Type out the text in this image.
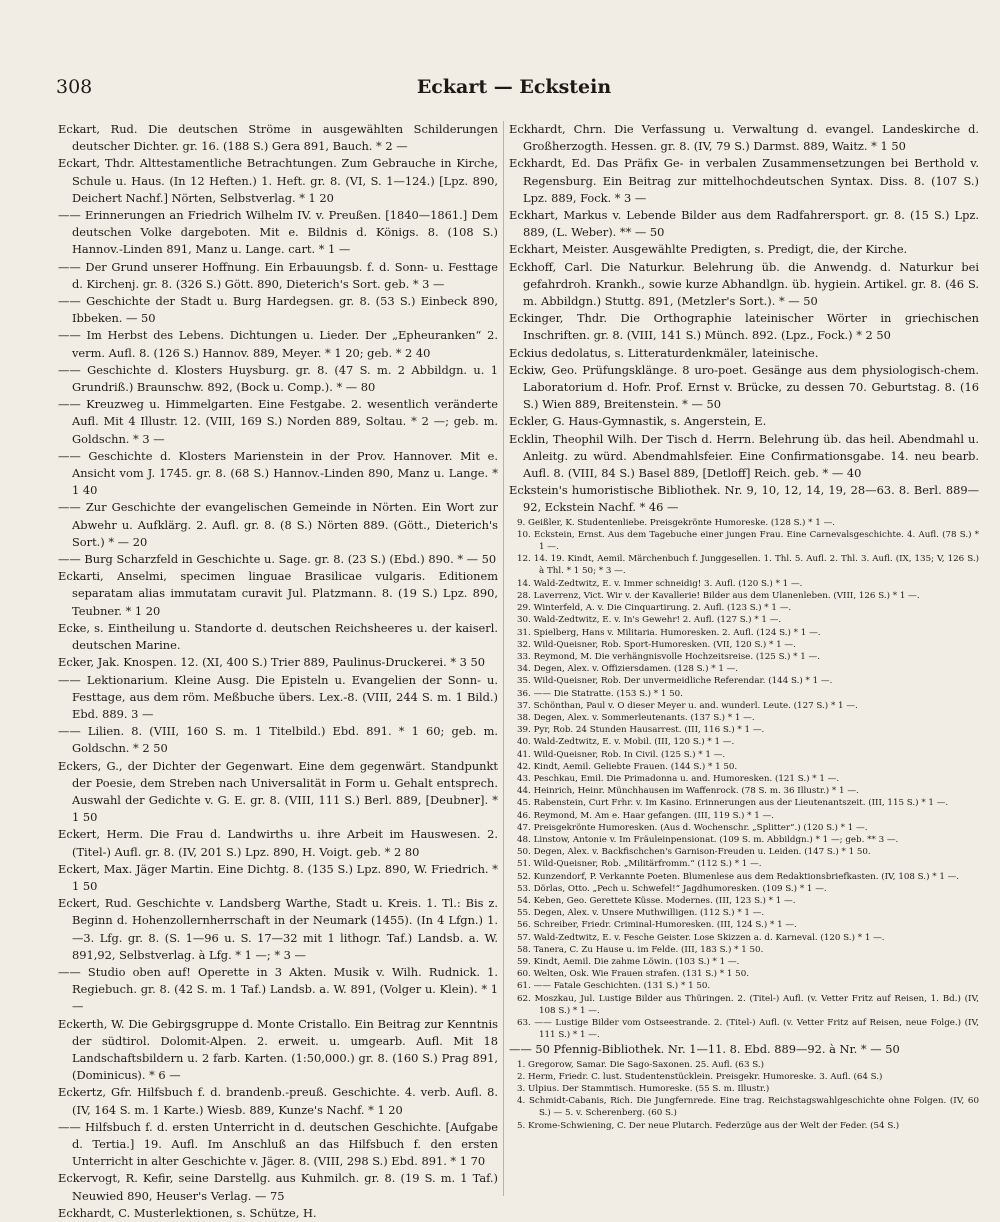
308	Eckart — Eckstein

Eckart, Rud. Die deutschen Ströme in ausgewählten Schilderungen deutscher Dichter. gr. 16. (188 S.) Gera 891, Bauch. * 2 —

Eckart, Thdr. Alttestamentliche Betrachtungen. Zum Gebrauche in Kirche, Schule u. Haus. (In 12 Heften.) 1. Heft. gr. 8. (VI, S. 1—124.) [Lpz. 890, Deichert Nachf.] Nörten, Selbstverlag. * 1 20

—— Erinnerungen an Friedrich Wilhelm IV. v. Preußen. [1840—1861.] Dem deutschen Volke dargeboten. Mit e. Bildnis d. Königs. 8. (108 S.) Hannov.-Linden 891, Manz u. Lange. cart. * 1 —

—— Der Grund unserer Hoffnung. Ein Erbauungsb. f. d. Sonn- u. Festtage d. Kirchenj. gr. 8. (326 S.) Gött. 890, Dieterich's Sort. geb. * 3 —

—— Geschichte der Stadt u. Burg Hardegsen. gr. 8. (53 S.) Einbeck 890, Ibbeken. — 50

—— Im Herbst des Lebens. Dichtungen u. Lieder. Der „Epheuranken“ 2. verm. Aufl. 8. (126 S.) Hannov. 889, Meyer. * 1 20; geb. * 2 40

—— Geschichte d. Klosters Huysburg. gr. 8. (47 S. m. 2 Abbildgn. u. 1 Grundriß.) Braunschw. 892, (Bock u. Comp.). * — 80

—— Kreuzweg u. Himmelgarten. Eine Festgabe. 2. wesentlich veränderte Aufl. Mit 4 Illustr. 12. (VIII, 169 S.) Norden 889, Soltau. * 2 —; geb. m. Goldschn. * 3 —

—— Geschichte d. Klosters Marienstein in der Prov. Hannover. Mit e. Ansicht vom J. 1745. gr. 8. (68 S.) Hannov.-Linden 890, Manz u. Lange. * 1 40

—— Zur Geschichte der evangelischen Gemeinde in Nörten. Ein Wort zur Abwehr u. Aufklärg. 2. Aufl. gr. 8. (8 S.) Nörten 889. (Gött., Dieterich's Sort.) * — 20

—— Burg Scharzfeld in Geschichte u. Sage. gr. 8. (23 S.) (Ebd.) 890. * — 50

Eckarti, Anselmi, specimen linguae Brasilicae vulgaris. Editionem separatam alias immutatam curavit Jul. Platzmann. 8. (19 S.) Lpz. 890, Teubner. * 1 20

Ecke, s. Eintheilung u. Standorte d. deutschen Reichsheeres u. der kaiserl. deutschen Marine.

Ecker, Jak. Knospen. 12. (XI, 400 S.) Trier 889, Paulinus-Druckerei. * 3 50

—— Lektionarium. Kleine Ausg. Die Episteln u. Evangelien der Sonn- u. Festtage, aus dem röm. Meßbuche übers. Lex.-8. (VIII, 244 S. m. 1 Bild.) Ebd. 889. 3 —

—— Lilien. 8. (VIII, 160 S. m. 1 Titelbild.) Ebd. 891. * 1 60; geb. m. Goldschn. * 2 50

Eckers, G., der Dichter der Gegenwart. Eine dem gegenwärt. Standpunkt der Poesie, dem Streben nach Universalität in Form u. Gehalt entsprech. Auswahl der Gedichte v. G. E. gr. 8. (VIII, 111 S.) Berl. 889, [Deubner]. * 1 50

Eckert, Herm. Die Frau d. Landwirths u. ihre Arbeit im Hauswesen. 2. (Titel-) Aufl. gr. 8. (IV, 201 S.) Lpz. 890, H. Voigt. geb. * 2 80

Eckert, Max. Jäger Martin. Eine Dichtg. 8. (135 S.) Lpz. 890, W. Friedrich. * 1 50

Eckert, Rud. Geschichte v. Landsberg Warthe, Stadt u. Kreis. 1. Tl.: Bis z. Beginn d. Hohenzollernherrschaft in der Neumark (1455). (In 4 Lfgn.) 1.—3. Lfg. gr. 8. (S. 1—96 u. S. 17—32 mit 1 lithogr. Taf.) Landsb. a. W. 891,92, Selbstverlag. à Lfg. * 1 —; * 3 —

—— Studio oben auf! Operette in 3 Akten. Musik v. Wilh. Rudnick. 1. Regiebuch. gr. 8. (42 S. m. 1 Taf.) Landsb. a. W. 891, (Volger u. Klein). * 1 —

Eckerth, W. Die Gebirgsgruppe d. Monte Cristallo. Ein Beitrag zur Kenntnis der südtirol. Dolomit-Alpen. 2. erweit. u. umgearb. Aufl. Mit 18 Landschaftsbildern u. 2 farb. Karten. (1:50,000.) gr. 8. (160 S.) Prag 891, (Dominicus). * 6 —

Eckertz, Gfr. Hilfsbuch f. d. brandenb.-preuß. Geschichte. 4. verb. Aufl. 8. (IV, 164 S. m. 1 Karte.) Wiesb. 889, Kunze's Nachf. * 1 20

—— Hilfsbuch f. d. ersten Unterricht in d. deutschen Geschichte. [Aufgabe d. Tertia.] 19. Aufl. Im Anschluß an das Hilfsbuch f. den ersten Unterricht in alter Geschichte v. Jäger. 8. (VIII, 298 S.) Ebd. 891. * 1 70

Eckervogt, R. Kefir, seine Darstellg. aus Kuhmilch. gr. 8. (19 S. m. 1 Taf.) Neuwied 890, Heuser's Verlag. — 75

Eckhardt, C. Musterlektionen, s. Schütze, H.

Eckhardt, Chrn. Die Verfassung u. Verwaltung d. evangel. Landeskirche d. Großherzogth. Hessen. gr. 8. (IV, 79 S.) Darmst. 889, Waitz. * 1 50

Eckhardt, Ed. Das Präfix Ge- in verbalen Zusammensetzungen bei Berthold v. Regensburg. Ein Beitrag zur mittelhochdeutschen Syntax. Diss. 8. (107 S.) Lpz. 889, Fock. * 3 —

Eckhart, Markus v. Lebende Bilder aus dem Radfahrersport. gr. 8. (15 S.) Lpz. 889, (L. Weber). ** — 50

Eckhart, Meister. Ausgewählte Predigten, s. Predigt, die, der Kirche.

Eckhoff, Carl. Die Naturkur. Belehrung üb. die Anwendg. d. Naturkur bei gefahrdroh. Krankh., sowie kurze Abhandlgn. üb. hygiein. Artikel. gr. 8. (46 S. m. Abbildgn.) Stuttg. 891, (Metzler's Sort.). * — 50

Eckinger, Thdr. Die Orthographie lateinischer Wörter in griechischen Inschriften. gr. 8. (VIII, 141 S.) Münch. 892. (Lpz., Fock.) * 2 50

Eckius dedolatus, s. Litteraturdenkmäler, lateinische.

Eckiw, Geo. Prüfungsklänge. 8 uro-poet. Gesänge aus dem physiologisch-chem. Laboratorium d. Hofr. Prof. Ernst v. Brücke, zu dessen 70. Geburtstag. 8. (16 S.) Wien 889, Breitenstein. * — 50

Eckler, G. Haus-Gymnastik, s. Angerstein, E.

Ecklin, Theophil Wilh. Der Tisch d. Herrn. Belehrung üb. das heil. Abendmahl u. Anleitg. zu würd. Abendmahlsfeier. Eine Confirmationsgabe. 14. neu bearb. Aufl. 8. (VIII, 84 S.) Basel 889, [Detloff] Reich. geb. * — 40

Eckstein's humoristische Bibliothek. Nr. 9, 10, 12, 14, 19, 28—63. 8. Berl. 889—92, Eckstein Nachf. * 46 —

9. Geißler, K. Studentenliebe. Preisgekrönte Humoreske. (128 S.) * 1 —.

10. Eckstein, Ernst. Aus dem Tagebuche einer jungen Frau. Eine Carnevalsgeschichte. 4. Aufl. (78 S.) * 1 —.

12. 14. 19. Kindt, Aemil. Märchenbuch f. Junggesellen. 1. Thl. 5. Aufl. 2. Thl. 3. Aufl. (IX, 135; V, 126 S.) à Thl. * 1 50; * 3 —.

14. Wald-Zedtwitz, E. v. Immer schneidig! 3. Aufl. (120 S.) * 1 —.

28. Laverrenz, Vict. Wir v. der Kavallerie! Bilder aus dem Ulanenleben. (VIII, 126 S.) * 1 —.

29. Winterfeld, A. v. Die Cinquartirung. 2. Aufl. (123 S.) * 1 —.

30. Wald-Zedtwitz, E. v. In's Gewehr! 2. Aufl. (127 S.) * 1 —.

31. Spielberg, Hans v. Militaria. Humoresken. 2. Aufl. (124 S.) * 1 —.

32. Wild-Queisner, Rob. Sport-Humoresken. (VII, 120 S.) * 1 —.

33. Reymond, M. Die verhängnisvolle Hochzeitsreise. (125 S.) * 1 —.

34. Degen, Alex. v. Offiziersdamen. (128 S.) * 1 —.

35. Wild-Queisner, Rob. Der unvermeidliche Referendar. (144 S.) * 1 —.

36. —— Die Statratte. (153 S.) * 1 50.

37. Schönthan, Paul v. O dieser Meyer u. and. wunderl. Leute. (127 S.) * 1 —.

38. Degen, Alex. v. Sommerleutenants. (137 S.) * 1 —.

39. Pyr, Rob. 24 Stunden Hausarrest. (III, 116 S.) * 1 —.

40. Wald-Zedtwitz, E. v. Mobil. (III, 120 S.) * 1 —.

41. Wild-Queisner, Rob. In Civil. (125 S.) * 1 —.

42. Kindt, Aemil. Geliebte Frauen. (144 S.) * 1 50.

43. Peschkau, Emil. Die Primadonna u. and. Humoresken. (121 S.) * 1 —.

44. Heinrich, Heinr. Münchhausen im Waffenrock. (78 S. m. 36 Illustr.) * 1 —.

45. Rabenstein, Curt Frhr. v. Im Kasino. Erinnerungen aus der Lieutenantszeit. (III, 115 S.) * 1 —.

46. Reymond, M. Am e. Haar gefangen. (III, 119 S.) * 1 —.

47. Preisgekrönte Humoresken. (Aus d. Wochenschr. „Splitter“.) (120 S.) * 1 —.

48. Linstow, Antonie v. Im Fräuleinpensionat. (109 S. m. Abbildgn.) * 1 —; geb. ** 3 —.

50. Degen, Alex. v. Backfischchen's Garnison-Freuden u. Leiden. (147 S.) * 1 50.

51. Wild-Queisner, Rob. „Militärfromm.“ (112 S.) * 1 —.

52. Kunzendorf, P. Verkannte Poeten. Blumenlese aus dem Redaktionsbriefkasten. (IV, 108 S.) * 1 —.

53. Dörlas, Otto. „Pech u. Schwefel!“ Jagdhumoresken. (109 S.) * 1 —.

54. Keben, Geo. Gerettete Küsse. Modernes. (III, 123 S.) * 1 —.

55. Degen, Alex. v. Unsere Muthwilligen. (112 S.) * 1 —.

56. Schreiber, Friedr. Criminal-Humoresken. (III, 124 S.) * 1 —.

57. Wald-Zedtwitz, E. v. Fesche Geister. Lose Skizzen a. d. Karneval. (120 S.) * 1 —.

58. Tanera, C. Zu Hause u. im Felde. (III, 183 S.) * 1 50.

59. Kindt, Aemil. Die zahme Löwin. (103 S.) * 1 —.

60. Welten, Osk. Wie Frauen strafen. (131 S.) * 1 50.

61. —— Fatale Geschichten. (131 S.) * 1 50.

62. Moszkau, Jul. Lustige Bilder aus Thüringen. 2. (Titel-) Aufl. (v. Vetter Fritz auf Reisen, 1. Bd.) (IV, 108 S.) * 1 —.

63. —— Lustige Bilder vom Ostseestrande. 2. (Titel-) Aufl. (v. Vetter Fritz auf Reisen, neue Folge.) (IV, 111 S.) * 1 —.

—— 50 Pfennig-Bibliothek. Nr. 1—11. 8. Ebd. 889—92. à Nr. * — 50

1. Gregorow, Samar. Die Sago-Saxonen. 25. Aufl. (63 S.)

2. Herm, Friedr. C. lust. Studentenstücklein. Preisgekr. Humoreske. 3. Aufl. (64 S.)

3. Ulpius. Der Stammtisch. Humoreske. (55 S. m. Illustr.)

4. Schmidt-Cabanis, Rich. Die Jungfernrede. Eine trag. Reichstagswahlgeschichte ohne Folgen. (IV, 60 S.) — 5. v. Scherenberg. (60 S.)

5. Krome-Schwiening, C. Der neue Plutarch. Federzüge aus der Welt der Feder. (54 S.)
